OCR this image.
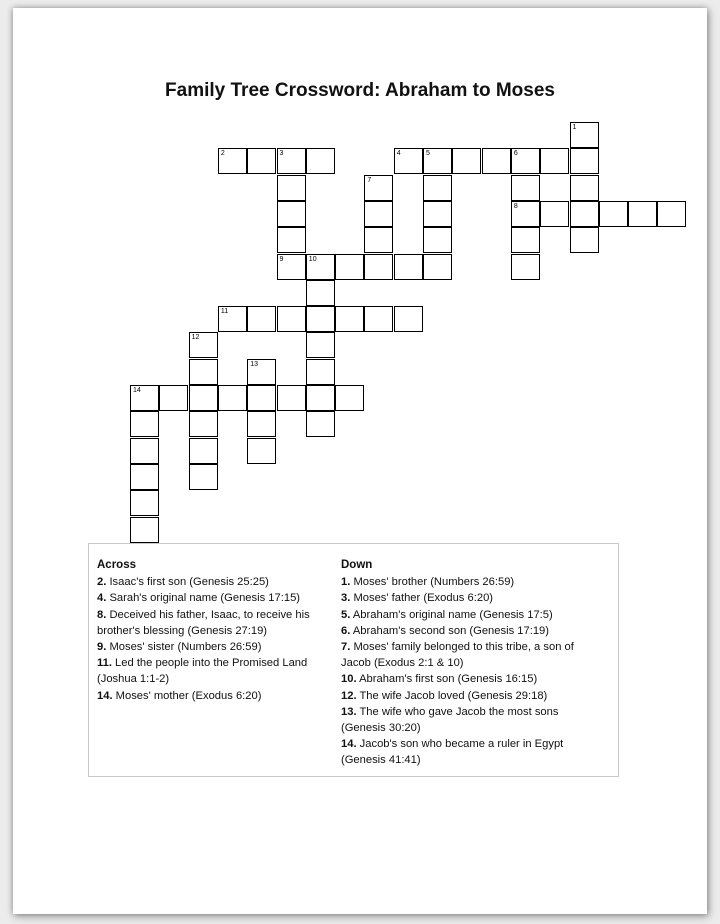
Family Tree Crossword: Abraham to Moses
1
2	3
9
4	5	6
8
7
10
11
12
13
14
Across
2. Isaac's first son (Genesis 25:25)
4. Sarah's original name (Genesis 17:15)
8. Deceived his father, Isaac, to receive his brother's blessing (Genesis 27:19)
9. Moses' sister (Numbers 26:59)
11. Led the people into the Promised Land (Joshua 1:1-2)
14. Moses' mother (Exodus 6:20)
Down
1. Moses' brother (Numbers 26:59)
3. Moses' father (Exodus 6:20)
5. Abraham's original name (Genesis 17:5)
6. Abraham's second son (Genesis 17:19)
7. Moses' family belonged to this tribe, a son of Jacob (Exodus 2:1 & 10)
10. Abraham's first son (Genesis 16:15)
12. The wife Jacob loved (Genesis 29:18)
13. The wife who gave Jacob the most sons (Genesis 30:20)
14. Jacob's son who became a ruler in Egypt (Genesis 41:41)
